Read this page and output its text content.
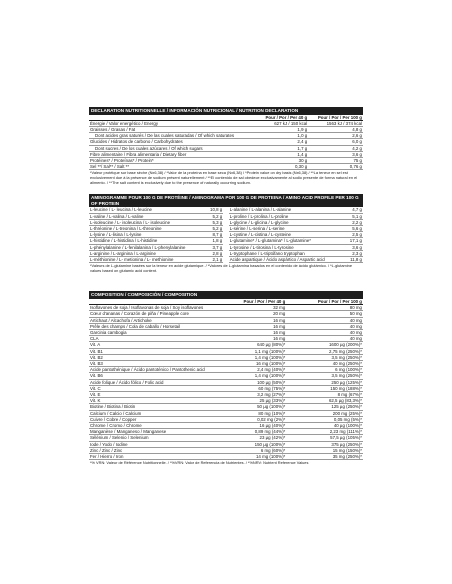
DECLARATION NUTRITIONNELLE / INFORMACIÓN NUTRICIONAL / NUTRITION DECLARATION
	Pour / Por / Per 40 g	Pour / Por / Per 100 g
Énergie / Valor energético / Energy	627 kJ / 150 kcal	1563 kJ / 374 kcal
Graisses / Grasas / Fat	1,9 g	4,8 g
Dont acides gras saturés / De las cuales saturadas / Of which saturates	1,0 g	2,6 g
Glucides / Hidratos de carbono / Carbohydrates	2,4 g	6,0 g
Dont sucres / De los cuales azúcares / Of which sugars	1,7 g	4,2 g
Fibre alimentaire / Fibra alimentaria / Dietary fiber	1,4 g	3,6 g
Protéines* / Proteínas* / Protein*	30 g	75 g
Sel **/ Sal** / Salt **	0,30 g	0,76 g
*Valeur protéique sur base sèche (Nx6,38) / *Valor de la proteína en base seca (Nx6,38) / *Protein value on dry basis (Nx6,38) / **La teneur en sel est exclusivement due à la présence de sodium présent naturellement / **El contenido de sal obedece exclusivamente al sodio presente de forma natural en el alimento. / **The salt content is exclusively due to the presence of naturally occurring sodium.
AMINOGRAMME POUR 100 G DE PROTÉINE / AMINOGRAMA POR 100 G DE PROTEINA / AMINO ACID PROFILE PER 100 G OF PROTEIN
L-leucine / L- leucina / L-leucine	10,8 g		L-alanine / L-alanina / L-alanine	4,7 g
L-valine / L-valina / L-valine	5,2 g		L-proline / L-prolina / L-proline	5,1 g
L-isoleucine / L- isoleucina / L- isoleucine	5,3 g		L-glycine / L-glicina / L-glycine	2,2 g
L-thréonine / L-treonina / L-threonine	5,2 g		L-sérine / L-serina / L-serine	5,6 g
L-lysine / L-lisina / L-lysine	8,7 g		L-cystine / L-cistina / L-cysteine	2,5 g
L-histidine / L-histidina / L-histidine	1,8 g		L-glutamine* / L-glutamina* / L-glutamine*	17,1 g
L-phénylalanine / L-fenilalanina / L-phenylalanine	3,7 g		L-tyrosine / L-tirosina / L-tyrosine	3,6 g
L-arginine / L-arginina / L-arginine	2,8 g		L-tryptophane / L-triptófano tryptophan	2,3 g
L-méthionine / L- metionina / L- methionine	2,1 g		Acide aspartique / Ácido aspártico / Aspartic acid	11,8 g
*Valeurs de L-glutamine basées sur la teneur en acide glutamique. / *Valores de L-glutamina basados en el contenido de ácido glutámico. / *L-glutamine values based on glutamic acid content.
COMPOSITION / COMPOSICIÓN / COMPOSITION
	Pour / Por / Per 40 g	Pour / Por / Per 100 g
Isoflavones de soja / Isoflavonas de soja / Soy isoflavones	32 mg	80 mg
Cœur d'ananas / Corazón de piña / Pineapple core	20 mg	50 mg
Artichaut / Alcachofa / Artichoke	16 mg	40 mg
Prêle des champs / Cola de caballo / Horsetail	16 mg	40 mg
Garcinia cambogia	16 mg	40 mg
CLA	16 mg	40 mg
Vit. A	640 µg (80%)*	1600 µg (200%)*
Vit. B1	1,1 mg (100%)*	2,75 mg (250%)*
Vit. B2	1,4 mg (100%)*	3,5 mg (250%)*
Vit. B3	16 mg (100%)*	40 mg (250%)*
Acide pantothénique / Ácido pantoténico / Pantothenic acid	2,4 mg (40%)*	6 mg (100%)*
Vit. B6	1,4 mg (100%)*	3,5 mg (250%)*
Acide folique / Ácido fólico / Folic acid	100 µg (50%)*	250 µg (125%)*
Vit. C	60 mg (75%)*	150 mg (188%)*
Vit. E	3,2 mg (27%)*	8 mg (67%)*
Vit. K	25 µg (33%)*	62,5 µg (83,3%)*
Biotine / Biotina / Biotin	50 µg (100%)*	125 µg (250%)*
Calcium / Calcio / Calcium	80 mg (10%)*	200 mg (25%)*
Cuivre / Cobre / Copper	0,02 mg (2%)*	0,05 mg (5%)*
Chrome / Cromo / Chrome	16 µg (40%)*	40 µg (100%)*
Manganèse / Manganeso / Manganese	0,89 mg (44%)*	2,23 mg (111%)*
Sélénium / Selenio / Selenium	23 µg (42%)*	57,5 µg (105%)*
Iode / Yodo / Iodine	150 µg (100%)*	375 µg (250%)*
Zinc / Zinc / Zinc	6 mg (60%)*	15 mg (150%)*
Fer / Hierro / Iron	14 mg (100%)*	35 mg (250%)*
*% VRN: Valeur de Référence Nutritionnelle. / *%VRN: Valor de Referencia de Nutrientes. / *%NRV: Nutrient Reference Values
